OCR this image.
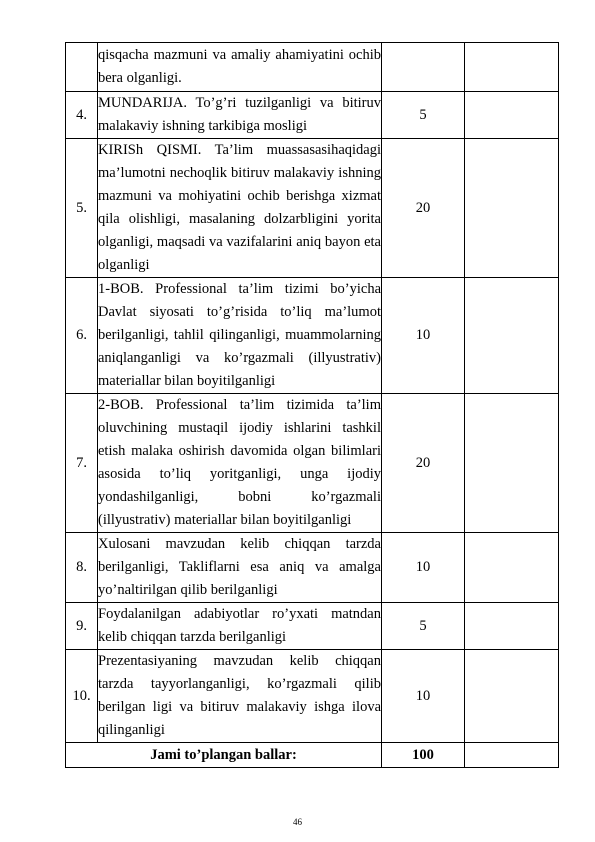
	qisqacha mazmuni va amaliy ahamiyatini ochib bera olganligi.		
4.	MUNDARIJA. To’g’ri tuzilganligi va bitiruv malakaviy ishning tarkibiga mosligi	5	
5.	KIRISh QISMI. Ta’lim muassasasihaqidagi ma’lumotni nechoqlik bitiruv malakaviy ishning mazmuni va mohiyatini ochib berishga xizmat qila olishligi, masalaning dolzarbligini yorita olganligi, maqsadi va vazifalarini aniq bayon eta olganligi	20	
6.	1-BOB. Professional ta’lim tizimi bo’yicha Davlat siyosati to’g’risida to’liq ma’lumot berilganligi, tahlil qilinganligi, muammolarning aniqlanganligi va ko’rgazmali (illyustrativ) materiallar bilan boyitilganligi	10	
7.	2-BOB. Professional ta’lim tizimida ta’lim oluvchining mustaqil ijodiy ishlarini tashkil etish malaka oshirish davomida olgan bilimlari asosida to’liq yoritganligi, unga ijodiy yondashilganligi, bobni ko’rgazmali (illyustrativ) materiallar bilan boyitilganligi	20	
8.	Xulosani mavzudan kelib chiqqan tarzda berilganligi, Takliflarni esa aniq va amalga yo’naltirilgan qilib berilganligi	10	
9.	Foydalanilgan adabiyotlar ro’yxati matndan kelib chiqqan tarzda berilganligi	5	
10.	Prezentasiyaning mavzudan kelib chiqqan tarzda tayyorlanganligi, ko’rgazmali qilib berilgan ligi va bitiruv malakaviy ishga ilova qilinganligi	10	
Jami to’plangan ballar:		100	
46
